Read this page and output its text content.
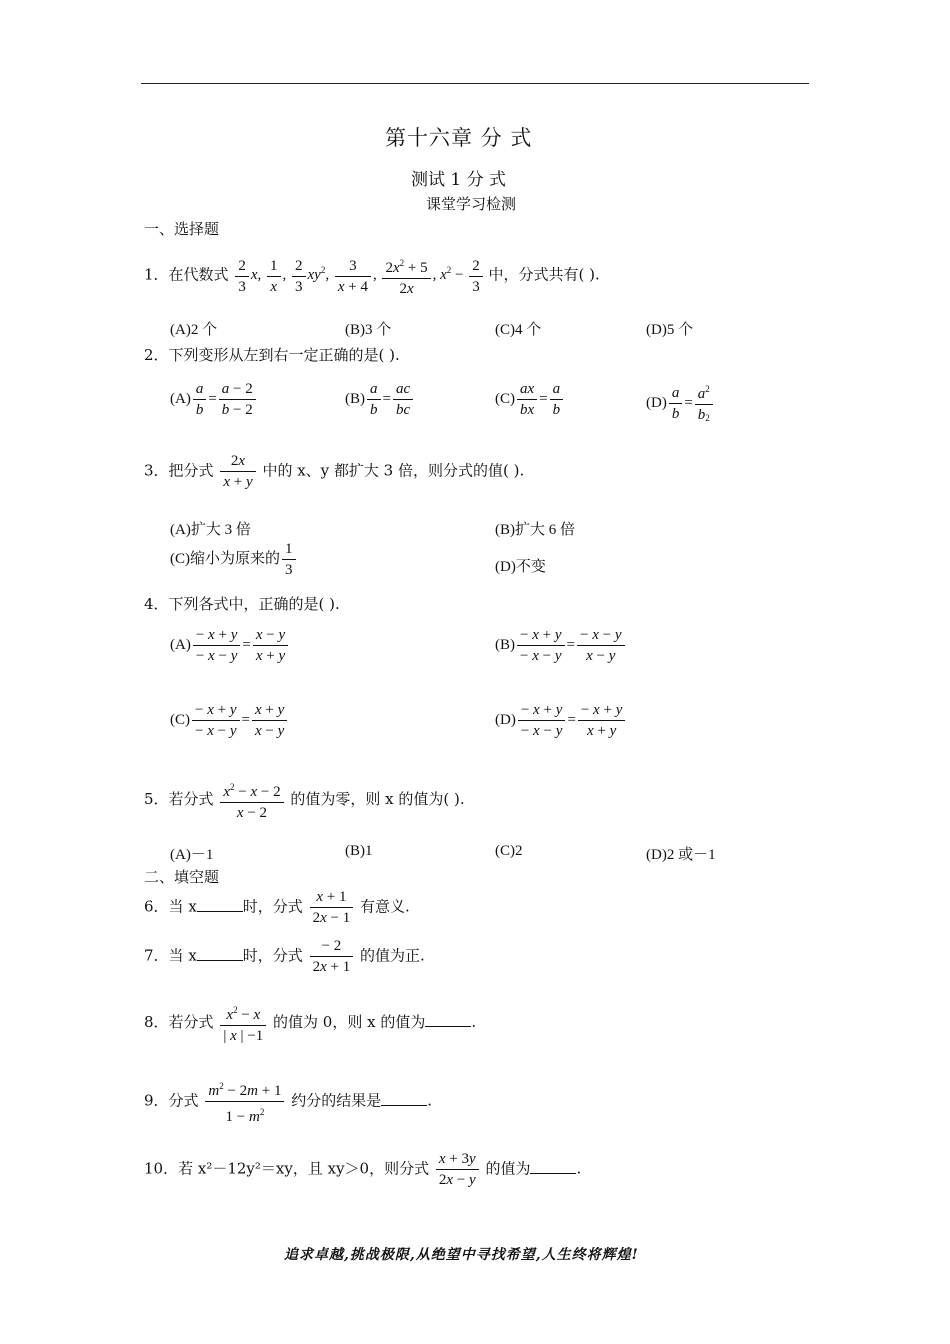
第十六章 分 式
测试 1 分 式
课堂学习检测
一、选择题
1．在代数式 $\frac{2}{3} x$, $\frac{1}{x}$ , $\frac{2}{3} xy^2$, $\frac{3}{x + 4}$ , $\frac{2x^2 + 5}{2x}$ , $x^2 - \frac{2}{3}$ 中，分式共有( ).
(A)2 个	(B)3 个	(C)4 个	(D)5 个
2．下列变形从左到右一定正确的是( ).
$(A) \frac{a}{b} = \frac{a - 2}{b - 2}$	$(B) \frac{a}{b} = \frac{ac}{bc}$	$(C) \frac{ax}{bx} = \frac{a}{b}$	$(D) \frac{a}{b} = \frac{a^2}{b_2}$
3．把分式 $\frac{2x}{x + y}$ 中的 x、y 都扩大 3 倍，则分式的值( ).
(A)扩大 3 倍	(B)扩大 6 倍
(C)缩小为原来的 $\frac{1}{3}$	(D)不变
4．下列各式中，正确的是( ).
$(A) \frac{- x + y}{- x - y} = \frac{x - y}{x + y}$	$(B) \frac{- x + y}{- x - y} = \frac{- x - y}{x - y}$
$(C) \frac{- x + y}{- x - y} = \frac{x + y}{x - y}$	$(D) \frac{- x + y}{- x - y} = \frac{- x + y}{x + y}$
5．若分式 $\frac{x^2 - x - 2}{x - 2}$ 的值为零，则 x 的值为( ).
(A)－1	(B)1	(C)2	(D)2 或－1
二、填空题
6．当 x	时，分式 $\frac{x + 1}{2x - 1}$ 有意义.
7．当 x	时，分式 $\frac{- 2}{2x + 1}$ 的值为正.
8．若分式 $\frac{x^2 - x}{| x | -1}$ 的值为 0，则 x 的值为	.
9．分式 $\frac{m^2 - 2m + 1}{1 - m^2}$ 约分的结果是	.
10．若 x²－12y²＝xy，且 xy＞0，则分式 $\frac{x + 3y}{2x - y}$ 的值为	.
追求卓越,挑战极限,从绝望中寻找希望,人生终将辉煌!
